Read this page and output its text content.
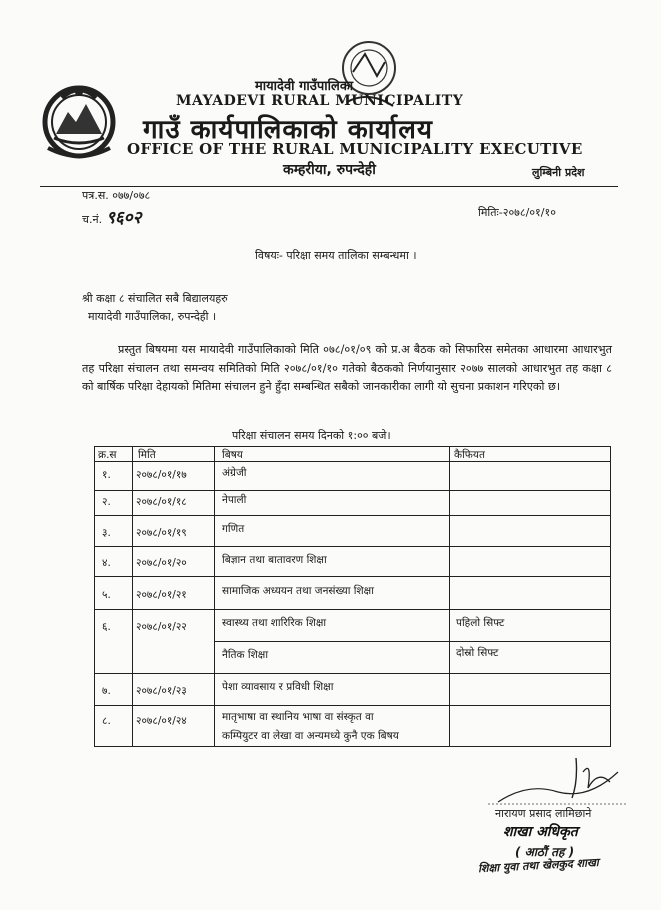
मायादेवी गाउँपालिका
MAYADEVI RURAL MUNICIPALITY
गाउँ कार्यपालिकाको कार्यालय
OFFICE OF THE RURAL MUNICIPALITY EXECUTIVE
कम्हरीया, रुपन्देही	लुम्बिनी प्रदेश
पत्र.स. ०७७/०७८
च.नं. ९६०२	मितिः-२०७८/०१/१०
विषयः- परिक्षा समय तालिका सम्बन्धमा ।
श्री कक्षा ८ संचालित सबै बिद्यालयहरु
मायादेवी गाउँपालिका, रुपन्देही ।
प्रस्तुत बिषयमा यस मायादेवी गाउँपालिकाको मिति ०७८/०१/०९ को प्र.अ बैठक को सिफारिस समेतका आधारमा आधारभुत तह परिक्षा संचालन तथा समन्वय समितिको मिति २०७८/०१/१० गतेको बैठकको निर्णयानुसार २०७७ सालको आधारभुत तह कक्षा ८ को बार्षिक परिक्षा देहायको मितिमा संचालन हुने हुँदा सम्बन्धित सबैको जानकारीका लागी यो सुचना प्रकाशन गरिएको छ।
परिक्षा संचालन समय दिनको १:०० बजे।
क्र.स मिति	बिषय	कैफियत
१. २०७८/०१/१७	अंग्रेजी
२. २०७८/०१/१८	नेपाली
३. २०७८/०१/१९	गणित
४. २०७८/०१/२०	बिज्ञान तथा बातावरण शिक्षा
५. २०७८/०१/२१	सामाजिक अध्ययन तथा जनसंख्या शिक्षा
६. २०७८/०१/२२	स्वास्थ्य तथा शारिरिक शिक्षा	पहिलो सिफ्ट
नैतिक शिक्षा	दोस्रो सिफ्ट
७. २०७८/०१/२३	पेशा व्यावसाय र प्रविधी शिक्षा
८. २०७८/०१/२४	मातृभाषा वा स्थानिय भाषा वा संस्कृत वा
कम्पियुटर वा लेखा वा अन्यमध्ये कुनै एक बिषय
नारायण प्रसाद लामिछाने
शाखा अधिकृत
( आठौं तह )
शिक्षा युवा तथा खेलकुद शाखा
